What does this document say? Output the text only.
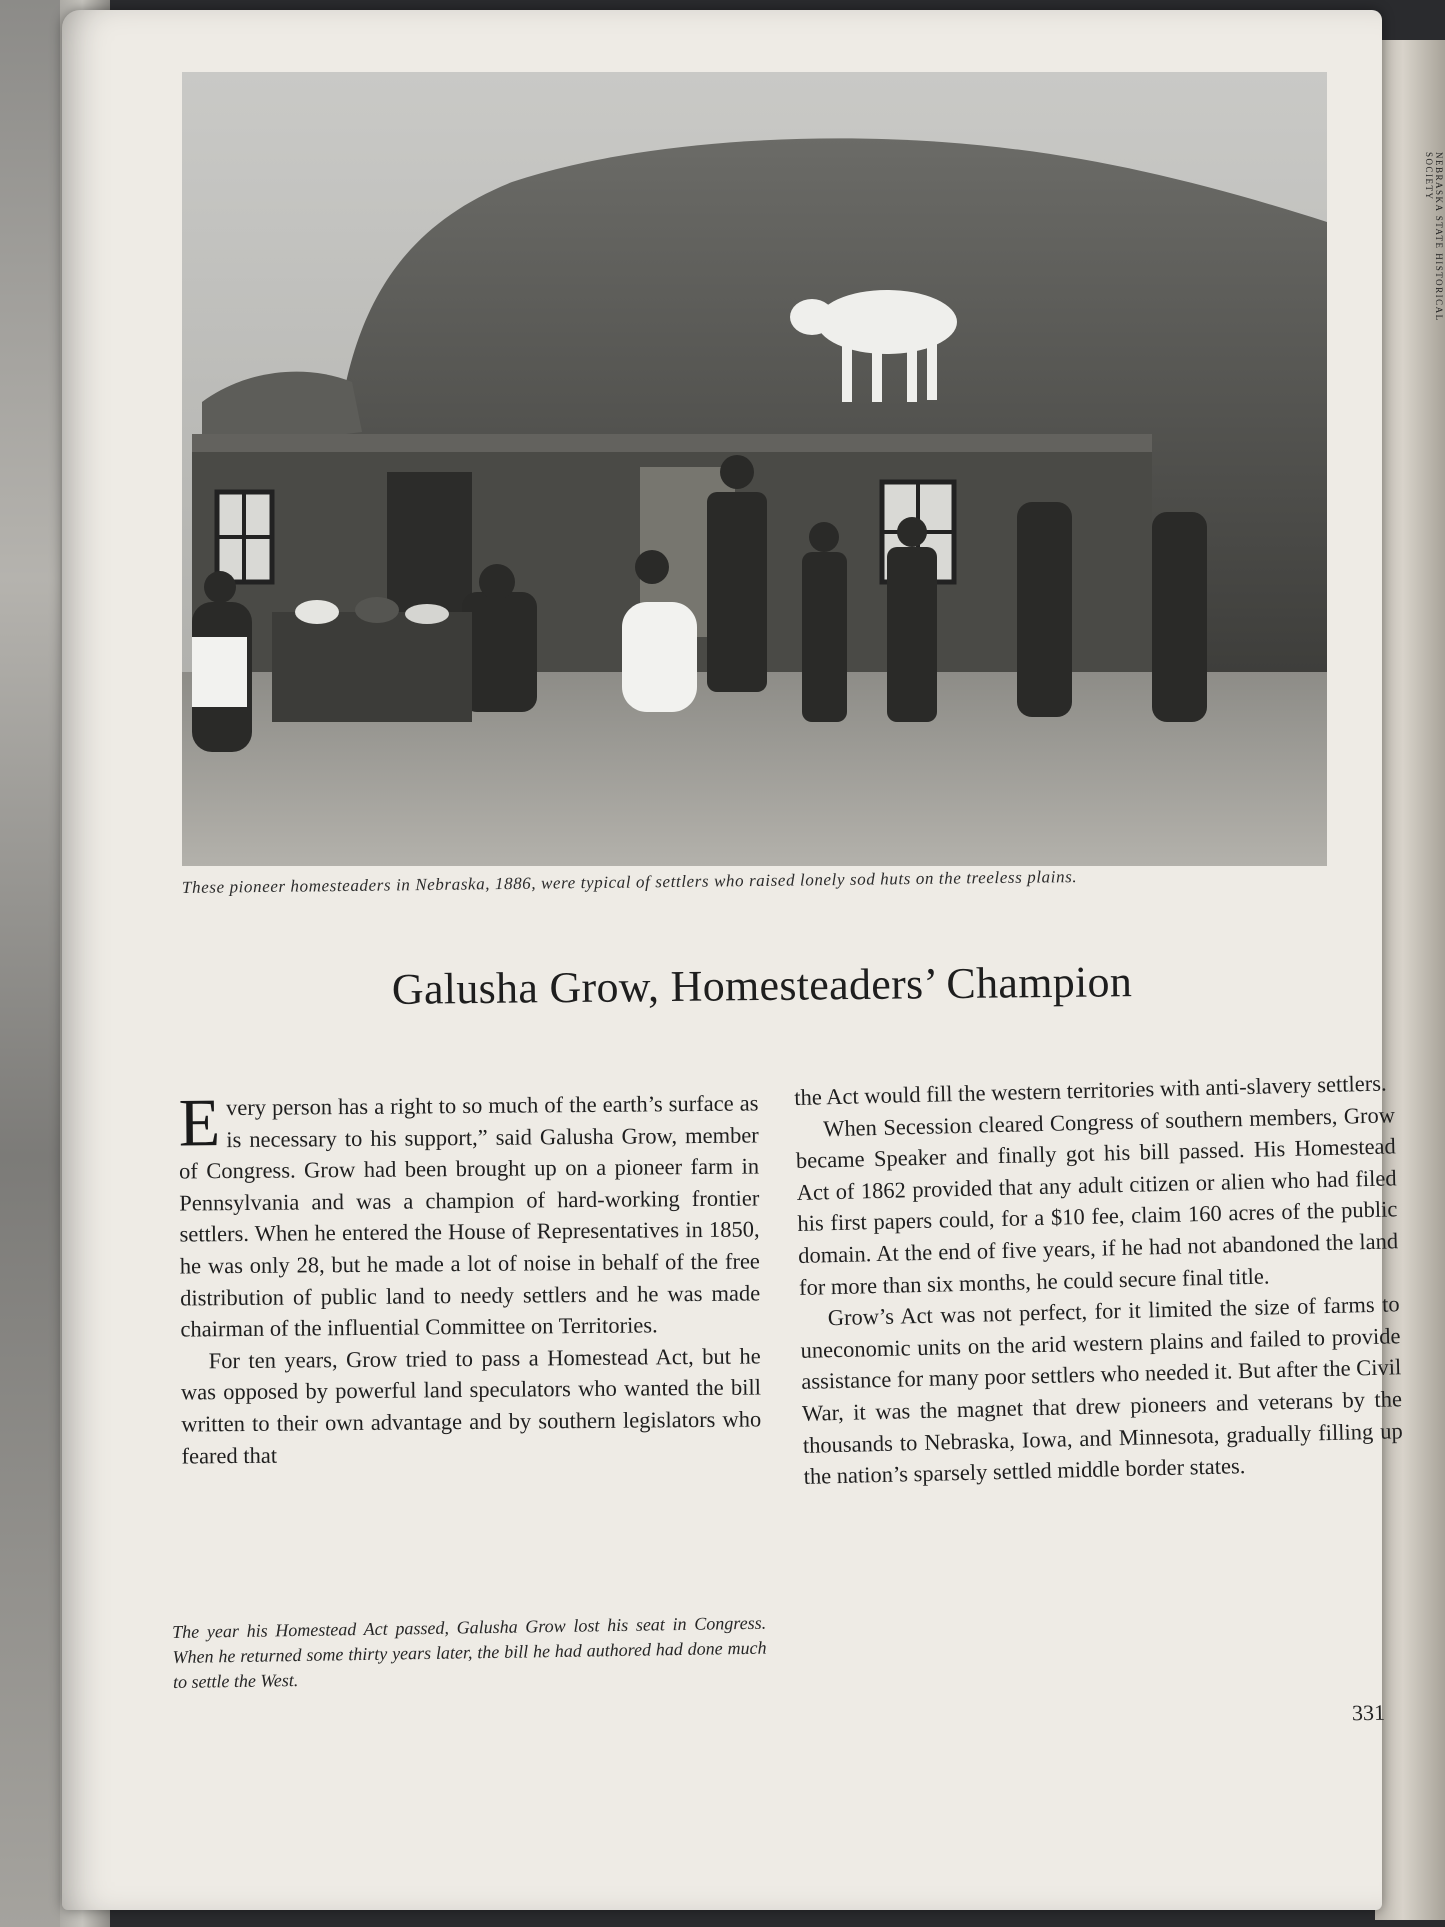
NEBRASKA STATE HISTORICAL SOCIETY
These pioneer homesteaders in Nebraska, 1886, were typical of settlers who raised lonely sod huts on the treeless plains.
Galusha Grow, Homesteaders’ Champion

Every person has a right to so much of the earth’s surface as is necessary to his support,” said Galusha Grow, member of Congress. Grow had been brought up on a pioneer farm in Pennsylvania and was a champion of hard-working frontier settlers. When he entered the House of Representatives in 1850, he was only 28, but he made a lot of noise in behalf of the free distribution of public land to needy settlers and he was made chairman of the influential Committee on Territories.

For ten years, Grow tried to pass a Homestead Act, but he was opposed by powerful land speculators who wanted the bill written to their own advantage and by southern legislators who feared that

the Act would fill the western territories with anti-slavery settlers.

When Secession cleared Congress of southern members, Grow became Speaker and finally got his bill passed. His Homestead Act of 1862 provided that any adult citizen or alien who had filed his first papers could, for a $10 fee, claim 160 acres of the public domain. At the end of five years, if he had not abandoned the land for more than six months, he could secure final title.

Grow’s Act was not perfect, for it limited the size of farms to uneconomic units on the arid western plains and failed to provide assistance for many poor settlers who needed it. But after the Civil War, it was the magnet that drew pioneers and veterans by the thousands to Nebraska, Iowa, and Minnesota, gradually filling up the nation’s sparsely settled middle border states.

The year his Homestead Act passed, Galusha Grow lost his seat in Congress. When he returned some thirty years later, the bill he had authored had done much to settle the West.
331
